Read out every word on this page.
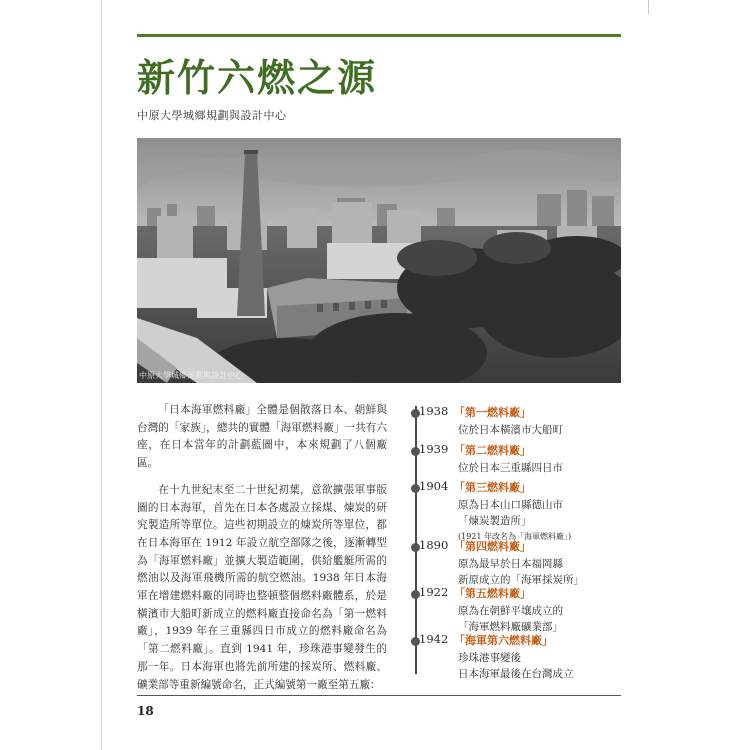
新竹六燃之源
中原大學城鄉規劃與設計中心
中原大學城鄉規劃與設計中心

「日本海軍燃料廠」全體是個散落日本、朝鮮與台灣的「家族」，總共的實體「海軍燃料廠」一共有六座，在日本當年的計劃藍圖中，本來規劃了八個廠區。

在十九世紀末至二十世紀初葉，意欲擴張軍事版圖的日本海軍，首先在日本各處設立採煤、煉炭的研究製造所等單位。這些初期設立的煉炭所等單位，都在日本海軍在 1912 年設立航空部隊之後，逐漸轉型為「海軍燃料廠」並擴大製造範圍，供給艦艇所需的燃油以及海軍飛機所需的航空燃油。1938 年日本海軍在增建燃料廠的同時也整頓整個燃料廠體系，於是橫濱市大船町新成立的燃料廠直接命名為「第一燃料廠」，1939 年在三重縣四日市成立的燃料廠命名為「第二燃料廠」。直到 1941 年，珍珠港事變發生的那一年。日本海軍也將先前所建的採炭所、燃料廠、礦業部等重新編號命名，正式編號第一廠至第五廠：

1938 「第一燃料廠」
位於日本橫濱市大船町
1939 「第二燃料廠」
位於日本三重縣四日市
1904 「第三燃料廠」
原為日本山口縣德山市
「煉炭製造所」
(1921 年改名為「海軍燃料廠」)
1890 「第四燃料廠」
原為最早於日本福岡縣
新原成立的「海軍採炭所」
1922 「第五燃料廠」
原為在朝鮮平壤成立的
「海軍燃料廠礦業部」
1942 「海軍第六燃料廠」
珍珠港事變後
日本海軍最後在台灣成立
18
